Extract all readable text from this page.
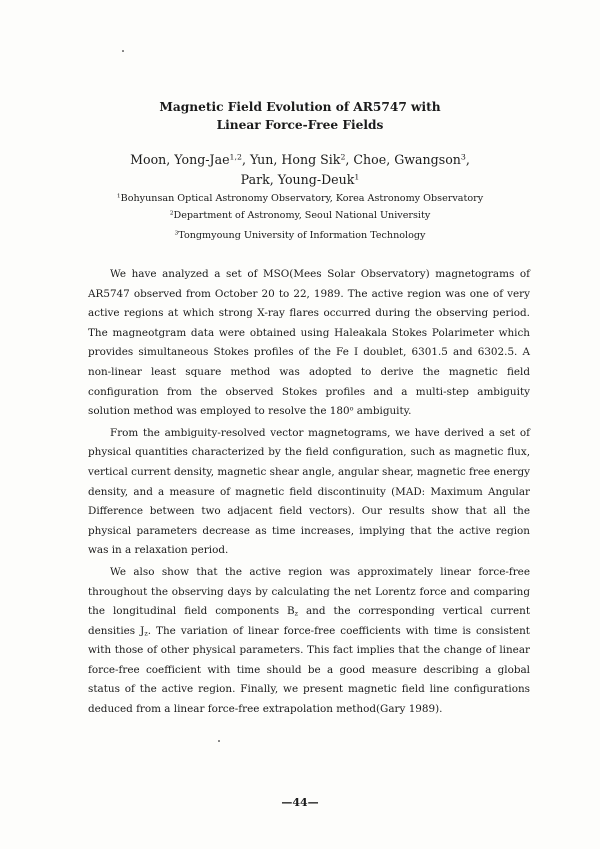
Magnetic Field Evolution of AR5747 with
Linear Force-Free Fields
Moon, Yong-Jae$^{1,2}$, Yun, Hong Sik$^2$, Choe, Gwangson$^3$,
Park, Young-Deuk$^1$
$^1$Bohyunsan Optical Astronomy Observatory, Korea Astronomy Observatory
$^2$Department of Astronomy, Seoul National University
$^3$Tongmyoung University of Information Technology

We have analyzed a set of MSO(Mees Solar Observatory) magnetograms of AR5747 observed from October 20 to 22, 1989. The active region was one of very active regions at which strong X-ray flares occurred during the observing period. The magneotgram data were obtained using Haleakala Stokes Polarimeter which provides simultaneous Stokes profiles of the Fe I doublet, 6301.5 and 6302.5. A non-linear least square method was adopted to derive the magnetic field configuration from the observed Stokes profiles and a multi-step ambiguity solution method was employed to resolve the 180$^o$ ambiguity.

From the ambiguity-resolved vector magnetograms, we have derived a set of physical quantities characterized by the field configuration, such as magnetic flux, vertical current density, magnetic shear angle, angular shear, magnetic free energy density, and a measure of magnetic field discontinuity (MAD: Maximum Angular Difference between two adjacent field vectors). Our results show that all the physical parameters decrease as time increases, implying that the active region was in a relaxation period.

We also show that the active region was approximately linear force-free throughout the observing days by calculating the net Lorentz force and comparing the longitudinal field components $B_z$ and the corresponding vertical current densities $J_z$. The variation of linear force-free coefficients with time is consistent with those of other physical parameters. This fact implies that the change of linear force-free coefficient with time should be a good measure describing a global status of the active region. Finally, we present magnetic field line configurations deduced from a linear force-free extrapolation method(Gary 1989).

—44—
